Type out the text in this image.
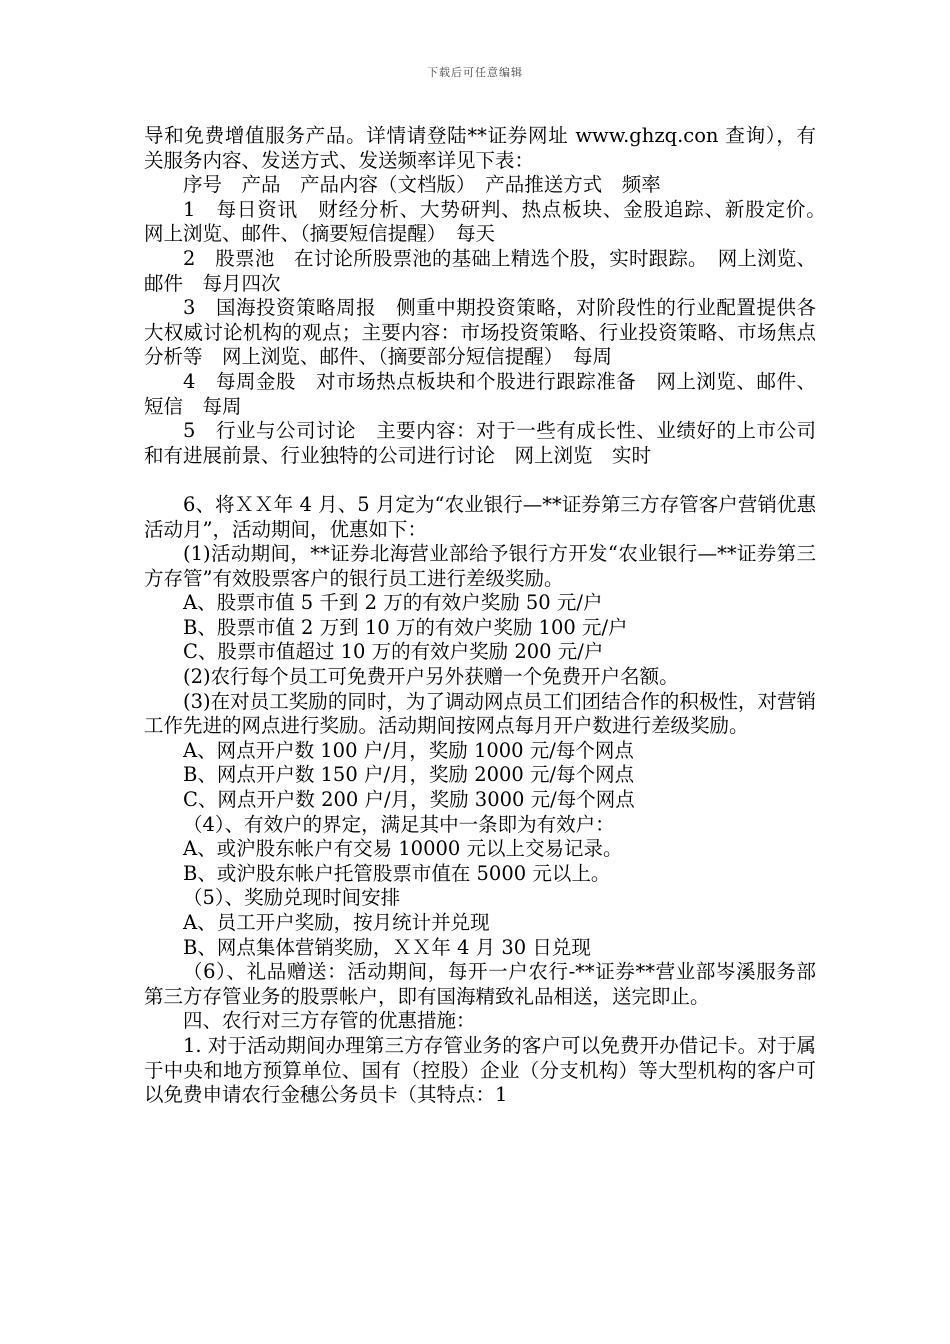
下载后可任意编辑

导和免费增值服务产品。详情请登陆**证券网址 www.ghzq.con 查询），有关服务内容、发送方式、发送频率详见下表：

序号　产品　产品内容（文档版）　产品推送方式　频率

1　每日资讯　财经分析、大势研判、热点板块、金股追踪、新股定价。　网上浏览、邮件、（摘要短信提醒）　每天

2　股票池　在讨论所股票池的基础上精选个股，实时跟踪。　网上浏览、邮件　每月四次

3　国海投资策略周报　侧重中期投资策略，对阶段性的行业配置提供各大权威讨论机构的观点；主要内容：市场投资策略、行业投资策略、市场焦点分析等　网上浏览、邮件、（摘要部分短信提醒）　每周

4　每周金股　对市场热点板块和个股进行跟踪准备　网上浏览、邮件、短信　每周

5　行业与公司讨论　主要内容：对于一些有成长性、业绩好的上市公司和有进展前景、行业独特的公司进行讨论　网上浏览　实时

6、将ＸＸ年 4 月、5 月定为“农业银行—**证券第三方存管客户营销优惠活动月”，活动期间，优惠如下：

(1)活动期间，**证券北海营业部给予银行方开发“农业银行—**证券第三方存管”有效股票客户的银行员工进行差级奖励。

A、股票市值 5 千到 2 万的有效户奖励 50 元/户

B、股票市值 2 万到 10 万的有效户奖励 100 元/户

C、股票市值超过 10 万的有效户奖励 200 元/户

(2)农行每个员工可免费开户另外获赠一个免费开户名额。

(3)在对员工奖励的同时，为了调动网点员工们团结合作的积极性，对营销工作先进的网点进行奖励。活动期间按网点每月开户数进行差级奖励。

A、网点开户数 100 户/月，奖励 1000 元/每个网点

B、网点开户数 150 户/月，奖励 2000 元/每个网点

C、网点开户数 200 户/月，奖励 3000 元/每个网点

（4）、有效户的界定，满足其中一条即为有效户：

A、或沪股东帐户有交易 10000 元以上交易记录。

B、或沪股东帐户托管股票市值在 5000 元以上。

（5）、奖励兑现时间安排

A、员工开户奖励，按月统计并兑现

B、网点集体营销奖励，ＸＸ年 4 月 30 日兑现

（6）、礼品赠送：活动期间，每开一户农行-**证券**营业部岑溪服务部第三方存管业务的股票帐户，即有国海精致礼品相送，送完即止。

四、农行对三方存管的优惠措施：

1. 对于活动期间办理第三方存管业务的客户可以免费开办借记卡。对于属于中央和地方预算单位、国有（控股）企业（分支机构）等大型机构的客户可以免费申请农行金穗公务员卡（其特点：1
